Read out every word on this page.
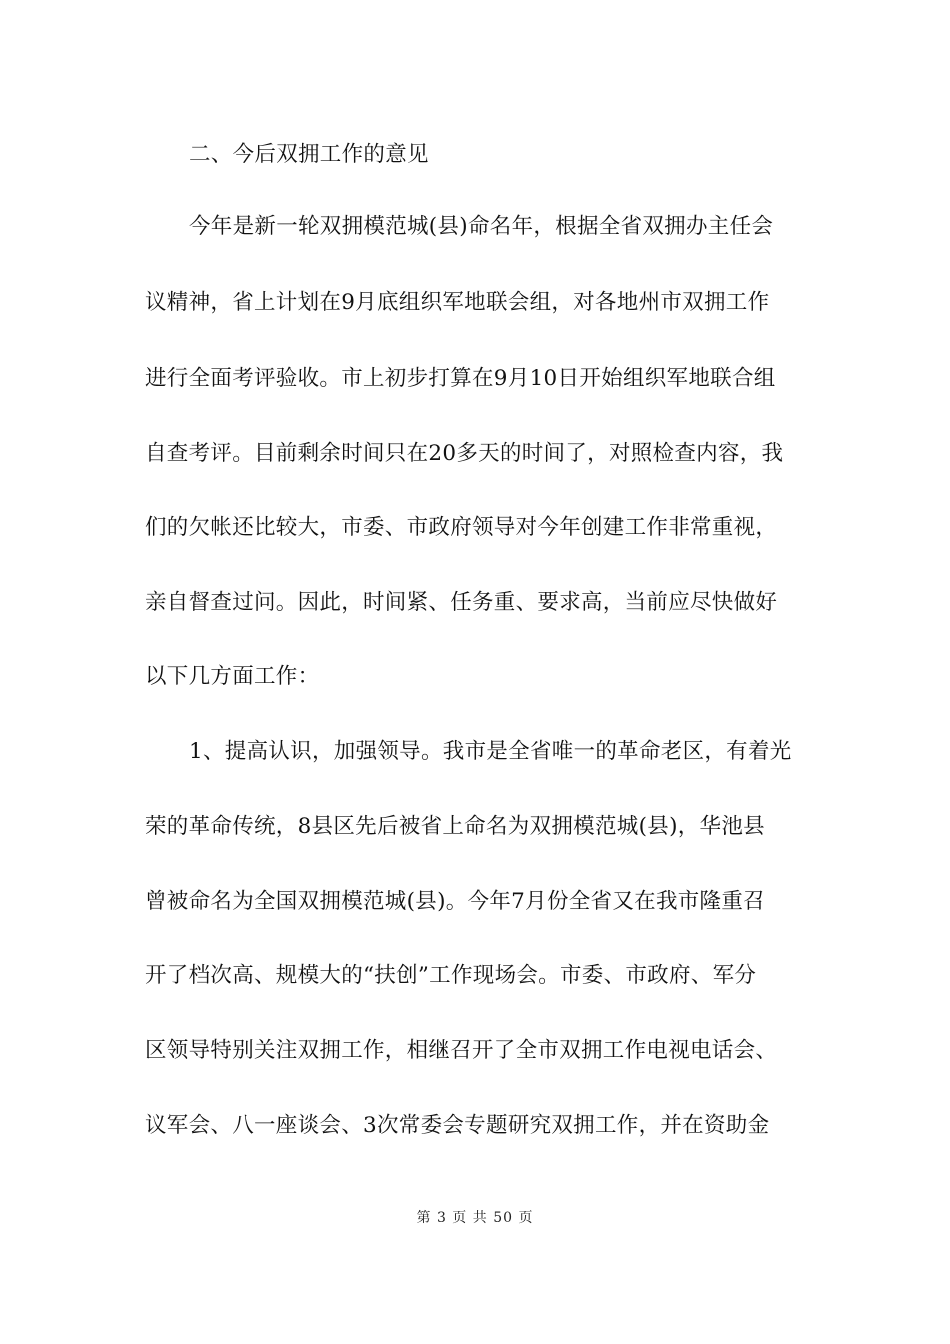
二、今后双拥工作的意见
今年是新一轮双拥模范城(县)命名年，根据全省双拥办主任会
议精神，省上计划在9月底组织军地联会组，对各地州市双拥工作
进行全面考评验收。市上初步打算在9月10日开始组织军地联合组
自查考评。目前剩余时间只在20多天的时间了，对照检查内容，我
们的欠帐还比较大，市委、市政府领导对今年创建工作非常重视，
亲自督查过问。因此，时间紧、任务重、要求高，当前应尽快做好
以下几方面工作：
1、提高认识，加强领导。我市是全省唯一的革命老区，有着光
荣的革命传统，8县区先后被省上命名为双拥模范城(县)，华池县
曾被命名为全国双拥模范城(县)。今年7月份全省又在我市隆重召
开了档次高、规模大的“扶创”工作现场会。市委、市政府、军分
区领导特别关注双拥工作，相继召开了全市双拥工作电视电话会、
议军会、八一座谈会、3次常委会专题研究双拥工作，并在资助金
第 3 页 共 50 页
